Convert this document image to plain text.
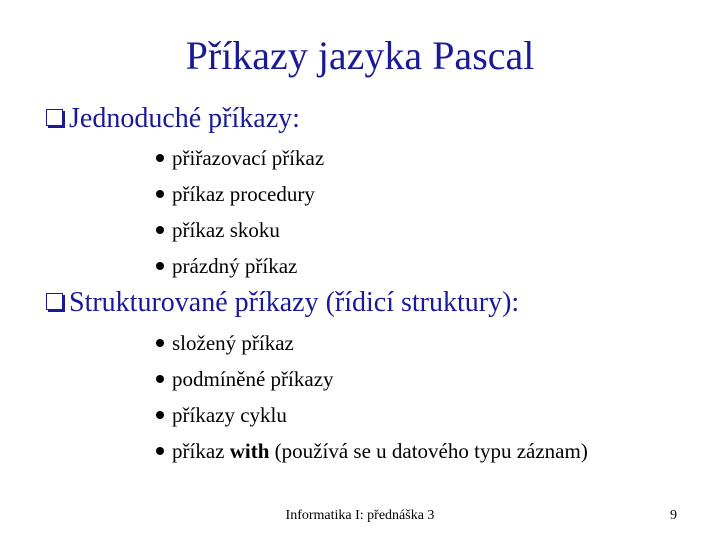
Příkazy jazyka Pascal
Jednoduché příkazy:
přiřazovací příkaz
příkaz procedury
příkaz skoku
prázdný příkaz
Strukturované příkazy (řídicí struktury):
složený příkaz
podmíněné příkazy
příkazy cyklu
příkaz with (používá se u datového typu záznam)
Informatika I: přednáška 3	9
